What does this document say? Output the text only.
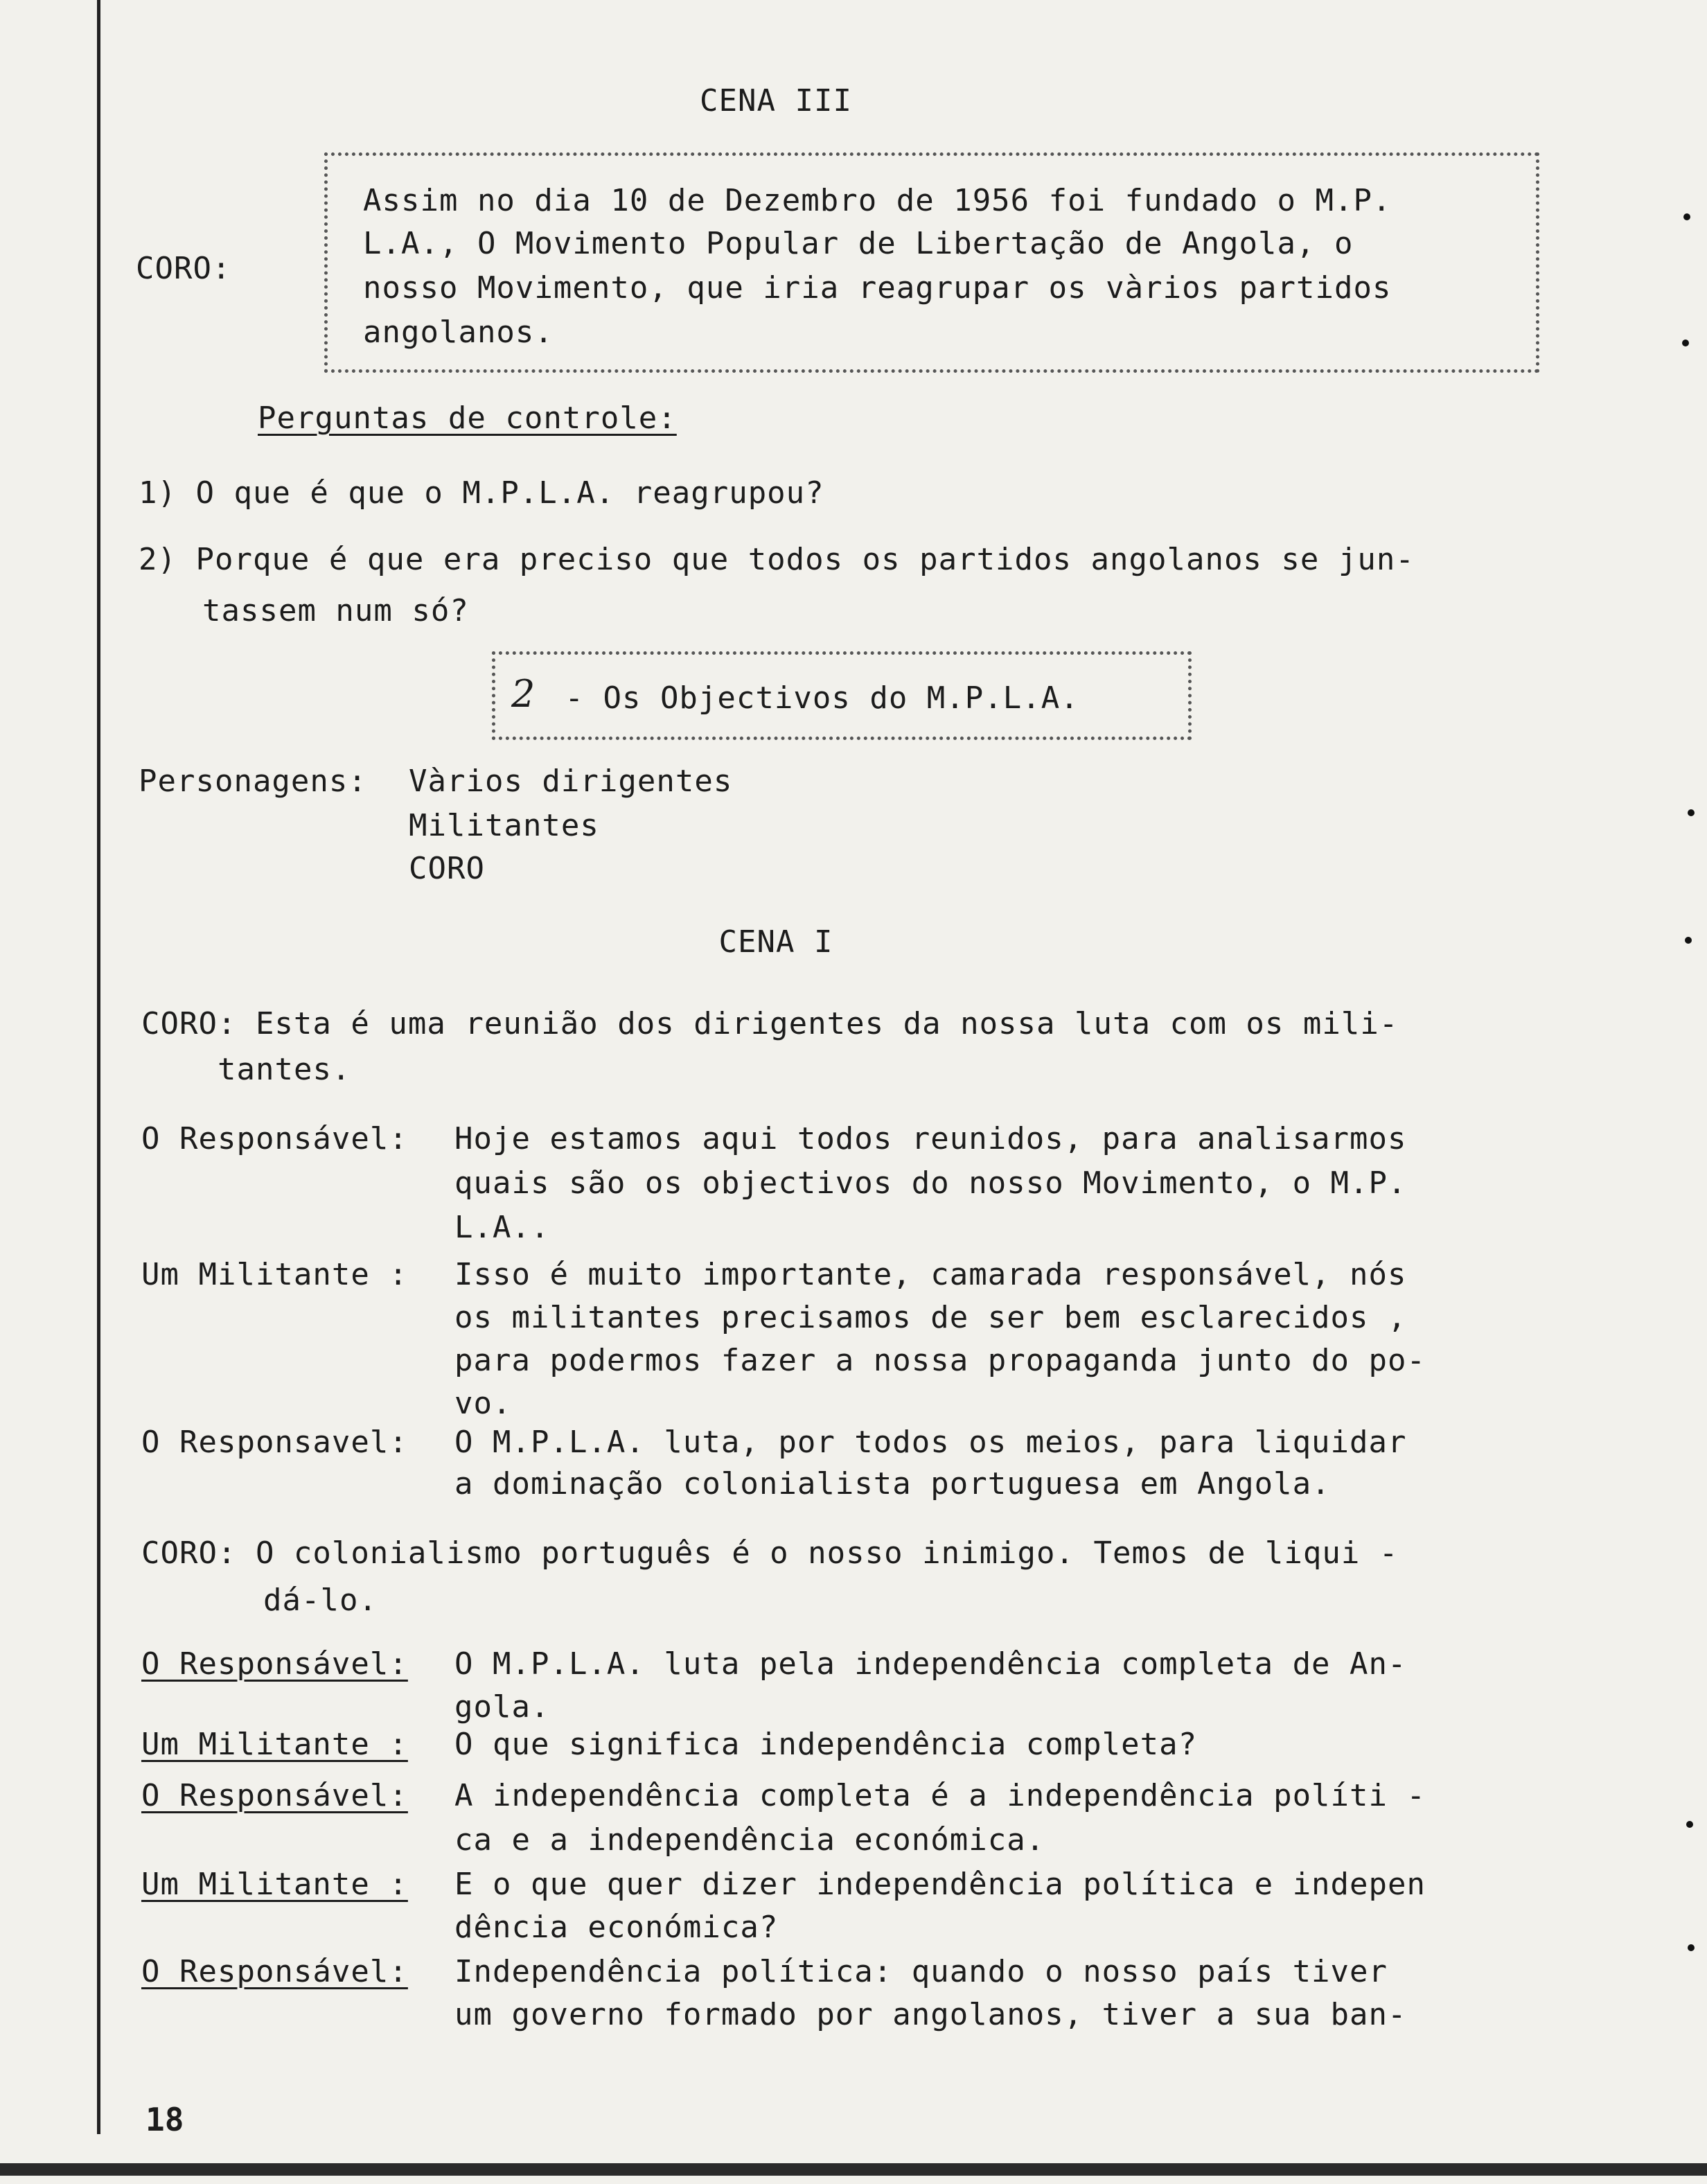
CENA III
CORO:
Assim no dia 10 de Dezembro de 1956 foi fundado o M.P.
L.A., O Movimento Popular de Libertação de Angola, o
nosso Movimento, que iria reagrupar os vàrios partidos
angolanos.
Perguntas de controle:
1) O que é que o M.P.L.A. reagrupou?
2) Porque é que era preciso que todos os partidos angolanos se jun-
tassem num só?
2 - Os Objectivos do M.P.L.A.
Personagens: Vàrios dirigentes
Militantes
CORO
CENA I
CORO: Esta é uma reunião dos dirigentes da nossa luta com os mili-
tantes.
O Responsável: Hoje estamos aqui todos reunidos, para analisarmos
quais são os objectivos do nosso Movimento, o M.P.
L.A..
Um Militante : Isso é muito importante, camarada responsável, nós
os militantes precisamos de ser bem esclarecidos ,
para podermos fazer a nossa propaganda junto do po-
vo.
O Responsavel: O M.P.L.A. luta, por todos os meios, para liquidar
a dominação colonialista portuguesa em Angola.
CORO: O colonialismo português é o nosso inimigo. Temos de liqui -
dá-lo.
O Responsável: O M.P.L.A. luta pela independência completa de An-
gola.
Um Militante : O que significa independência completa?
O Responsável: A independência completa é a independência políti -
ca e a independência económica.
Um Militante : E o que quer dizer independência política e indepen
dência económica?
O Responsável: Independência política: quando o nosso país tiver
um governo formado por angolanos, tiver a sua ban-
18
